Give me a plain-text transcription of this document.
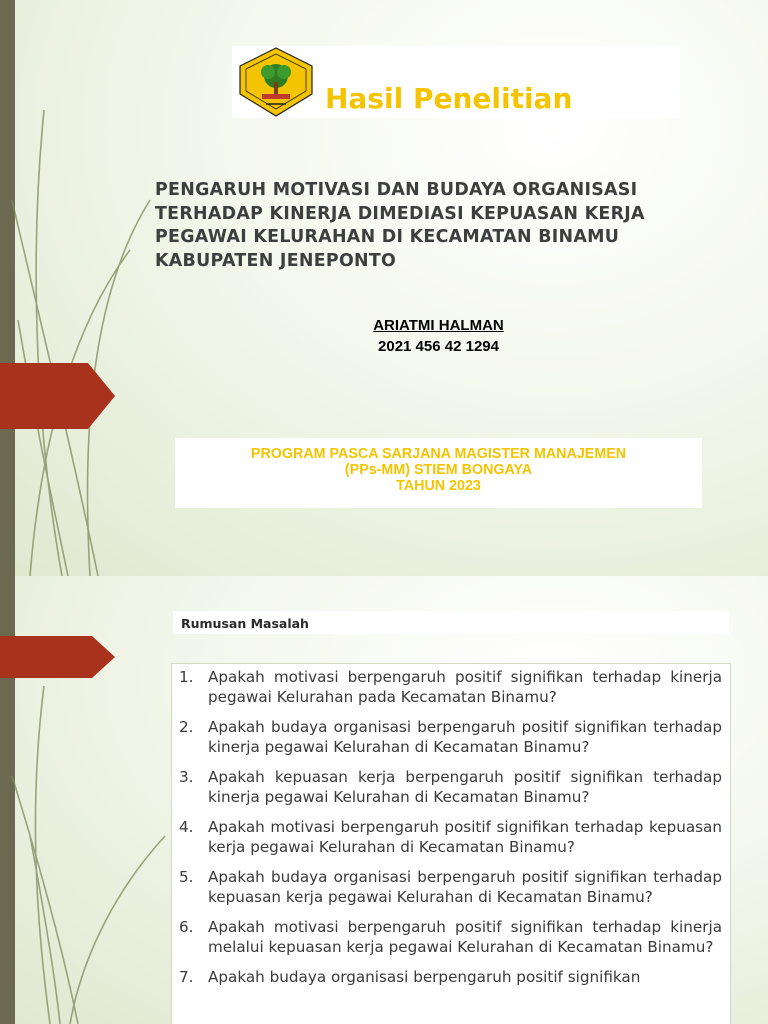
Hasil Penelitian
PENGARUH MOTIVASI DAN BUDAYA ORGANISASI
TERHADAP KINERJA DIMEDIASI KEPUASAN KERJA
PEGAWAI KELURAHAN DI KECAMATAN BINAMU
KABUPATEN JENEPONTO
ARIATMI HALMAN
2021 456 42 1294
PROGRAM PASCA SARJANA MAGISTER MANAJEMEN
(PPs-MM) STIEM BONGAYA
TAHUN 2023
Rumusan Masalah
1. Apakah motivasi berpengaruh positif signifikan terhadap kinerja pegawai Kelurahan pada Kecamatan Binamu?
2. Apakah budaya organisasi berpengaruh positif signifikan terhadap kinerja pegawai Kelurahan di Kecamatan Binamu?
3. Apakah kepuasan kerja berpengaruh positif signifikan terhadap kinerja pegawai Kelurahan di Kecamatan Binamu?
4. Apakah motivasi berpengaruh positif signifikan terhadap kepuasan kerja pegawai Kelurahan di Kecamatan Binamu?
5. Apakah budaya organisasi berpengaruh positif signifikan terhadap kepuasan kerja pegawai Kelurahan di Kecamatan Binamu?
6. Apakah motivasi berpengaruh positif signifikan terhadap kinerja melalui kepuasan kerja pegawai Kelurahan di Kecamatan Binamu?
7. Apakah budaya organisasi berpengaruh positif signifikan
